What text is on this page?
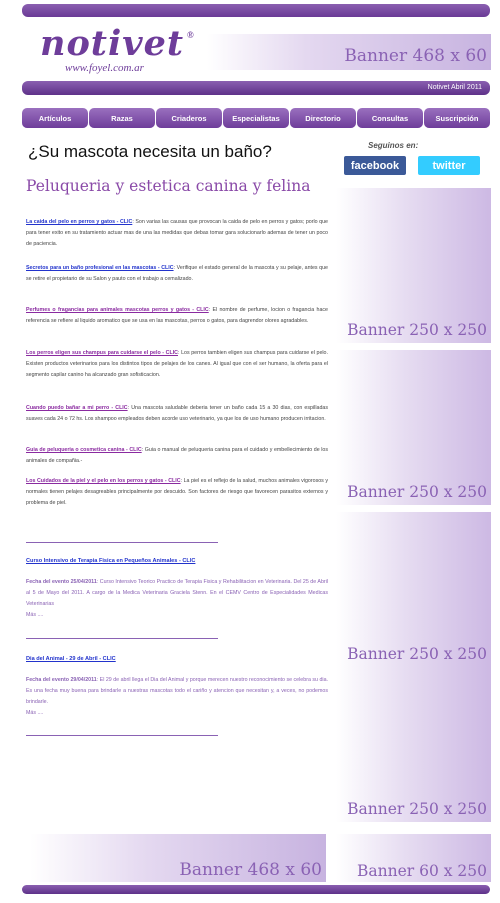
notivet ®
www.foyel.com.ar
Banner 468 x 60
Notivet Abril 2011
Artículos	Razas	Criaderos	Especialistas	Directorio	Consultas	Suscripción
¿Su mascota necesita un baño?
Peluqueria y estetica canina y felina
Seguinos en:
facebook	twitter
Banner 250 x 250
Banner 250 x 250
Banner 250 x 250
Banner 250 x 250
La caida del pelo en perros y gatos - CLIC: Son varias las causas que provocan la caida de pelo en perros y gatos; porlo que para tener exito en su tratamiento actuar mas de una las medidas que debas tomar gara solucionarlo ademas de tener un poco de paciencia.
Secretos para un baño profesional en las mascotas - CLIC: Verifique el estado general de la mascota y su pelaje, antes que se retire el propietario de su Salon y pauto con el trabajo a cemalizado.
Perfumes o fragancias para animales mascotas perros y gatos - CLIC: El nombre de perfume, locion o fragancia hace referencia se refiere al liquido aromatico que se usa en las mascotas, perros o gatos, para dagrendor olores agradables.
Los perros eligen sus champus para cuidarse el pelo - CLIC: Los perros tambien eligen sus champus para cuidarse el pelo. Existen productos veterinarios para los distintos tipos de pelajes de los canes. Al igual que con el ser humano, la oferta para el segmento capilar canino ha alcanzado gran sofisticacion.
Cuando puedo bañar a mi perro - CLIC: Una mascota saludable deberia tener un baño cada 15 a 30 dias, con espilladas suaves cada 24 o 72 hs. Los shampoo empleados deben acorde uso veterinario, ya que los de uso humano producen irritacion.
Guia de peluqueria o cosmetica canina - CLIC: Guia o manual de peluqueria canina para el cuidado y embellecimiento de los animales de compañia.-
Los Cuidados de la piel y el pelo en los perros y gatos - CLIC: La piel es el reflejo de la salud, muchos animales vigorosos y normales tienen pelajes desagreables principalmente por descuido. Son factores de riesgo que favorecen parasitos externos y problema de piel.
Curso Intensivo de Terapia Fisica en Pequeños Animales - CLIC
Fecha del evento 25/04/2011: Curso Intensivo Teorico Practico de Terapia Fisica y Rehabilitacion en Veterinaria. Del 25 de Abril al 5 de Mayo del 2011. A cargo de la Medica Veterinaria Graciela Stenn. En el CEMV Centro de Especialidades Medicas Veterinarias
Más ....
Dia del Animal - 29 de Abril - CLIC
Fecha del evento 29/04/2011: El 29 de abril llega el Dia del Animal y porque merecen nuestro reconocimiento se celebra su dia. Es una fecha muy buena para brindarle a nuestras mascotas todo el cariño y atencion que necesitan y, a veces, no podemos brindarle.
Más ....
Banner 468 x 60 Banner 60 x 250
